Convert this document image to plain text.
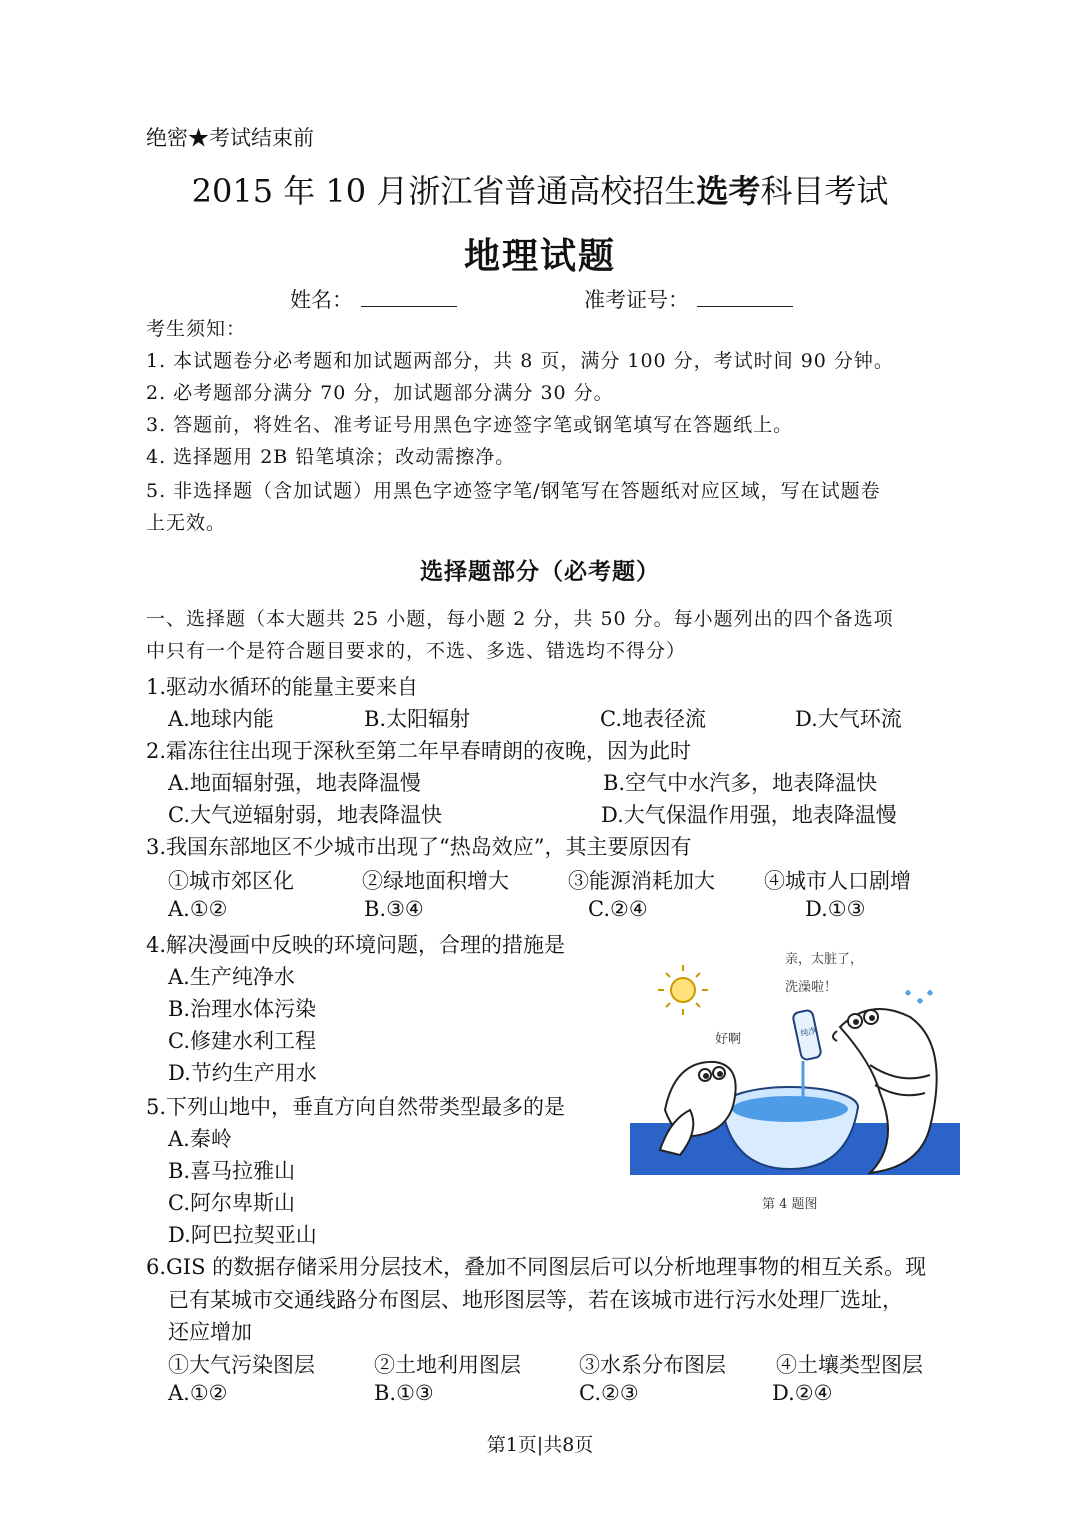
绝密★考试结束前
2015 年 10 月浙江省普通高校招生选考科目考试
地理试题
姓名：	准考证号：
考生须知：
1. 本试题卷分必考题和加试题两部分，共 8 页，满分 100 分，考试时间 90 分钟。
2. 必考题部分满分 70 分，加试题部分满分 30 分。
3. 答题前，将姓名、准考证号用黑色字迹签字笔或钢笔填写在答题纸上。
4. 选择题用 2B 铅笔填涂；改动需擦净。
5. 非选择题（含加试题）用黑色字迹签字笔/钢笔写在答题纸对应区域，写在试题卷
上无效。
选择题部分（必考题）
一、选择题（本大题共 25 小题，每小题 2 分，共 50 分。每小题列出的四个备选项
中只有一个是符合题目要求的，不选、多选、错选均不得分）
1.驱动水循环的能量主要来自
A.地球内能	B.太阳辐射	C.地表径流	D.大气环流
2.霜冻往往出现于深秋至第二年早春晴朗的夜晚，因为此时
A.地面辐射强，地表降温慢	B.空气中水汽多，地表降温快
C.大气逆辐射弱，地表降温快	D.大气保温作用强，地表降温慢
3.我国东部地区不少城市出现了“热岛效应”，其主要原因有
①城市郊区化	②绿地面积增大	③能源消耗加大 ④城市人口剧增
A.①②	B.③④	C.②④	D.①③
4.解决漫画中反映的环境问题，合理的措施是
A.生产纯净水
B.治理水体污染
C.修建水利工程
D.节约生产用水
5.下列山地中，垂直方向自然带类型最多的是
A.秦岭
B.喜马拉雅山
C.阿尔卑斯山
D.阿巴拉契亚山
6.GIS 的数据存储采用分层技术，叠加不同图层后可以分析地理事物的相互关系。现
已有某城市交通线路分布图层、地形图层等，若在该城市进行污水处理厂选址，
还应增加
①大气污染图层	②土地利用图层	③水系分布图层 ④土壤类型图层
A.①②	B.①③	C.②③	D.②④
亲，太脏了，
洗澡啦！
好啊	纯净
第 4 题图
第1页|共8页
